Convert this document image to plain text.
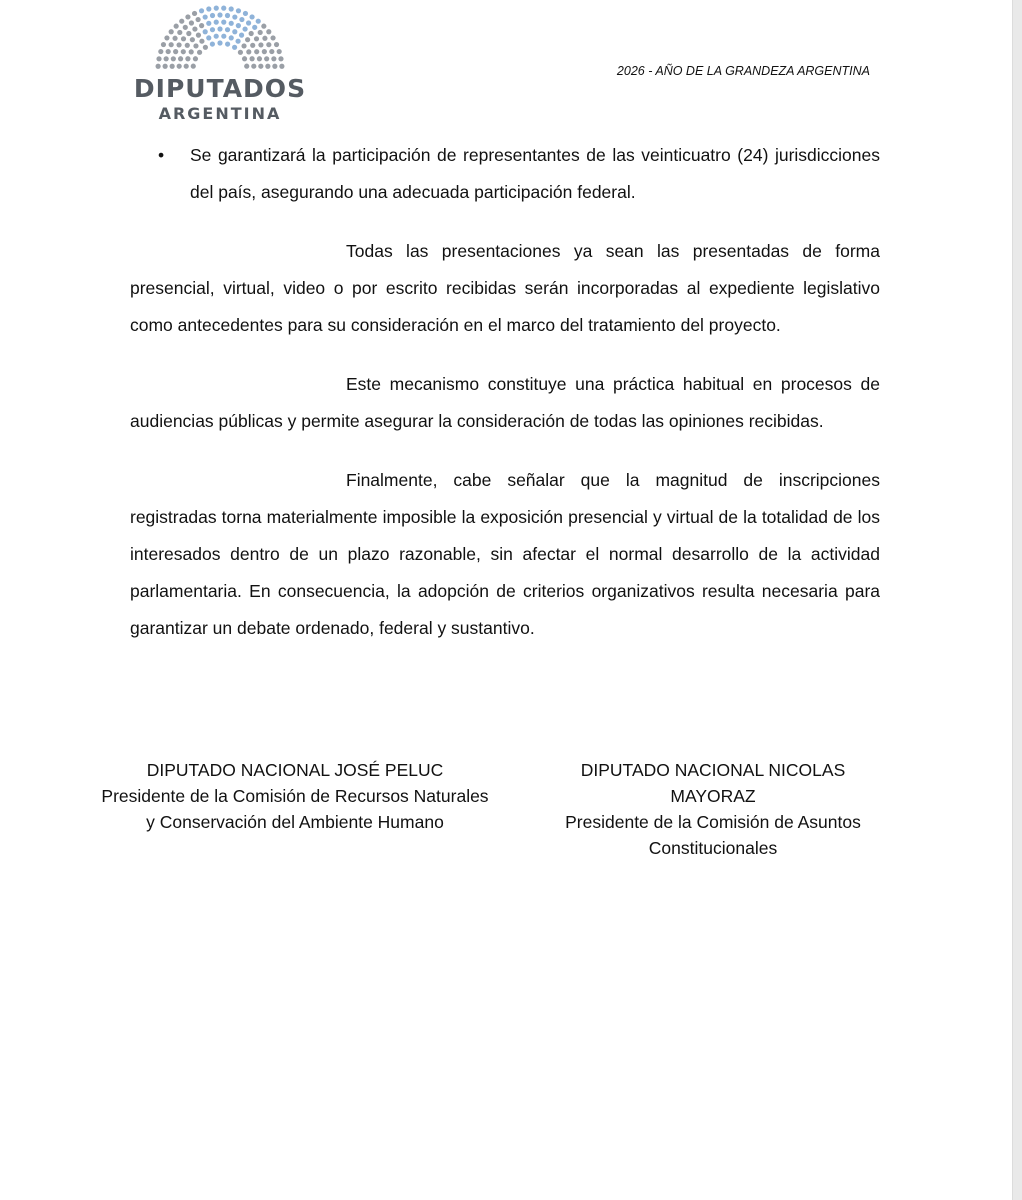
DIPUTADOS
ARGENTINA
2026 - AÑO DE LA GRANDEZA ARGENTINA
• Se garantizará la participación de representantes de las veinticuatro (24) jurisdicciones del país, asegurando una adecuada participación federal.

Todas las presentaciones ya sean las presentadas de forma presencial, virtual, video o por escrito recibidas serán incorporadas al expediente legislativo como antecedentes para su consideración en el marco del tratamiento del proyecto.

Este mecanismo constituye una práctica habitual en procesos de audiencias públicas y permite asegurar la consideración de todas las opiniones recibidas.

Finalmente, cabe señalar que la magnitud de inscripciones registradas torna materialmente imposible la exposición presencial y virtual de la totalidad de los interesados dentro de un plazo razonable, sin afectar el normal desarrollo de la actividad parlamentaria. En consecuencia, la adopción de criterios organizativos resulta necesaria para garantizar un debate ordenado, federal y sustantivo.

DIPUTADO NACIONAL JOSÉ PELUC
Presidente de la Comisión de Recursos Naturales
y Conservación del Ambiente Humano
DIPUTADO NACIONAL NICOLAS MAYORAZ
Presidente de la Comisión de Asuntos
Constitucionales
